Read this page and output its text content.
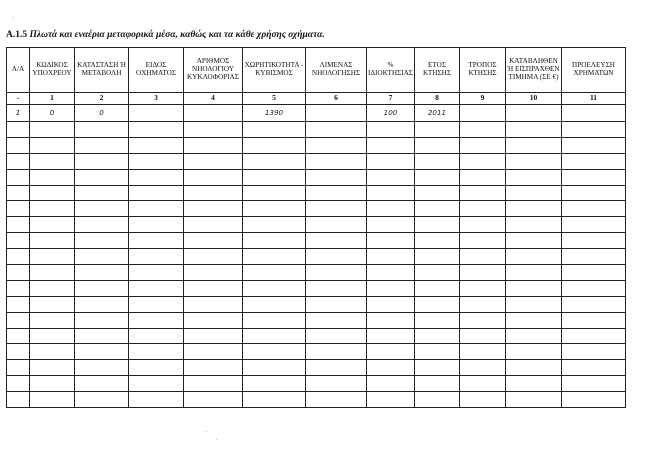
Α.1.5 Πλωτά και εναέρια μεταφορικά μέσα, καθώς και τα κάθε χρήσης οχήματα.
Α/Α	ΚΩΔΙΚΟΣ ΥΠΟΧΡΕΟΥ	ΚΑΤΑΣΤΑΣΗ Ή ΜΕΤΑΒΟΛΗ	ΕΙΔΟΣ ΟΧΗΜΑΤΟΣ	ΑΡΙΘΜΟΣ ΝΗΟΛΟΓΙΟΥ ΚΥΚΛΟΦΟΡΙΑΣ	ΧΩΡΗΤΙΚΟΤΗΤΑ - ΚΥΒΙΣΜΟΣ	ΛΙΜΕΝΑΣ ΝΗΟΛΟΓΗΣΗΣ	% ΙΔΙΟΚΤΗΣΙΑΣ	ΕΤΟΣ ΚΤΗΣΗΣ	ΤΡΟΠΟΣ ΚΤΗΣΗΣ	ΚΑΤΑΒΛΗΘΕΝ Ή ΕΙΣΠΡΑΧΘΕΝ ΤΙΜΗΜΑ (ΣΕ €)	ΠΡΟΕΛΕΥΣΗ ΧΡΗΜΑΤΩΝ
-	1	2	3	4	5	6	7	8	9	10	11
1	0	0			1390		100	2011			

·
·
·
